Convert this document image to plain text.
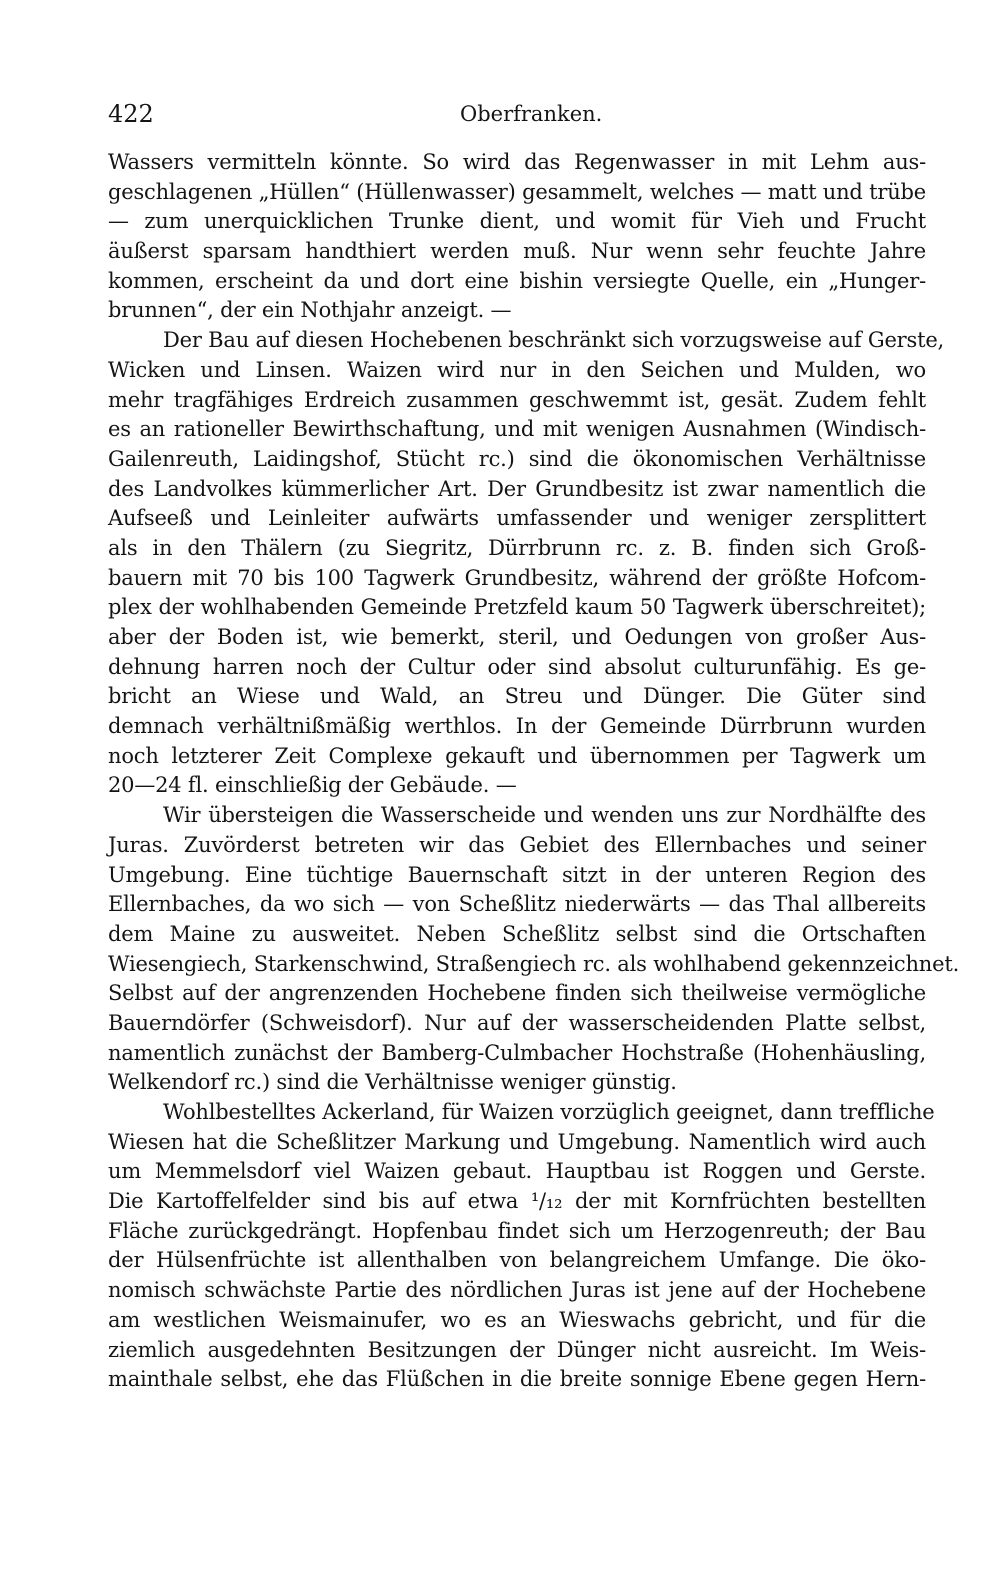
422	Oberfranken.
Wassers vermitteln könnte. So wird das Regenwasser in mit Lehm aus-
geschlagenen „Hüllen“ (Hüllenwasser) gesammelt, welches — matt und trübe
— zum unerquicklichen Trunke dient, und womit für Vieh und Frucht
äußerst sparsam handthiert werden muß. Nur wenn sehr feuchte Jahre
kommen, erscheint da und dort eine bishin versiegte Quelle, ein „Hunger-
brunnen“, der ein Nothjahr anzeigt. —
Der Bau auf diesen Hochebenen beschränkt sich vorzugsweise auf Gerste,
Wicken und Linsen. Waizen wird nur in den Seichen und Mulden, wo
mehr tragfähiges Erdreich zusammen geschwemmt ist, gesät. Zudem fehlt
es an rationeller Bewirthschaftung, und mit wenigen Ausnahmen (Windisch-
Gailenreuth, Laidingshof, Stücht rc.) sind die ökonomischen Verhältnisse
des Landvolkes kümmerlicher Art. Der Grundbesitz ist zwar namentlich die
Aufseeß und Leinleiter aufwärts umfassender und weniger zersplittert
als in den Thälern (zu Siegritz, Dürrbrunn rc. z. B. finden sich Groß-
bauern mit 70 bis 100 Tagwerk Grundbesitz, während der größte Hofcom-
plex der wohlhabenden Gemeinde Pretzfeld kaum 50 Tagwerk überschreitet);
aber der Boden ist, wie bemerkt, steril, und Oedungen von großer Aus-
dehnung harren noch der Cultur oder sind absolut culturunfähig. Es ge-
bricht an Wiese und Wald, an Streu und Dünger. Die Güter sind
demnach verhältnißmäßig werthlos. In der Gemeinde Dürrbrunn wurden
noch letzterer Zeit Complexe gekauft und übernommen per Tagwerk um
20—24 fl. einschließig der Gebäude. —
Wir übersteigen die Wasserscheide und wenden uns zur Nordhälfte des
Juras. Zuvörderst betreten wir das Gebiet des Ellernbaches und seiner
Umgebung. Eine tüchtige Bauernschaft sitzt in der unteren Region des
Ellernbaches, da wo sich — von Scheßlitz niederwärts — das Thal allbereits
dem Maine zu ausweitet. Neben Scheßlitz selbst sind die Ortschaften
Wiesengiech, Starkenschwind, Straßengiech rc. als wohlhabend gekennzeichnet.
Selbst auf der angrenzenden Hochebene finden sich theilweise vermögliche
Bauerndörfer (Schweisdorf). Nur auf der wasserscheidenden Platte selbst,
namentlich zunächst der Bamberg-Culmbacher Hochstraße (Hohenhäusling,
Welkendorf rc.) sind die Verhältnisse weniger günstig.
Wohlbestelltes Ackerland, für Waizen vorzüglich geeignet, dann treffliche
Wiesen hat die Scheßlitzer Markung und Umgebung. Namentlich wird auch
um Memmelsdorf viel Waizen gebaut. Hauptbau ist Roggen und Gerste.
Die Kartoffelfelder sind bis auf etwa ¹/₁₂ der mit Kornfrüchten bestellten
Fläche zurückgedrängt. Hopfenbau findet sich um Herzogenreuth; der Bau
der Hülsenfrüchte ist allenthalben von belangreichem Umfange. Die öko-
nomisch schwächste Partie des nördlichen Juras ist jene auf der Hochebene
am westlichen Weismainufer, wo es an Wieswachs gebricht, und für die
ziemlich ausgedehnten Besitzungen der Dünger nicht ausreicht. Im Weis-
mainthale selbst, ehe das Flüßchen in die breite sonnige Ebene gegen Hern-
